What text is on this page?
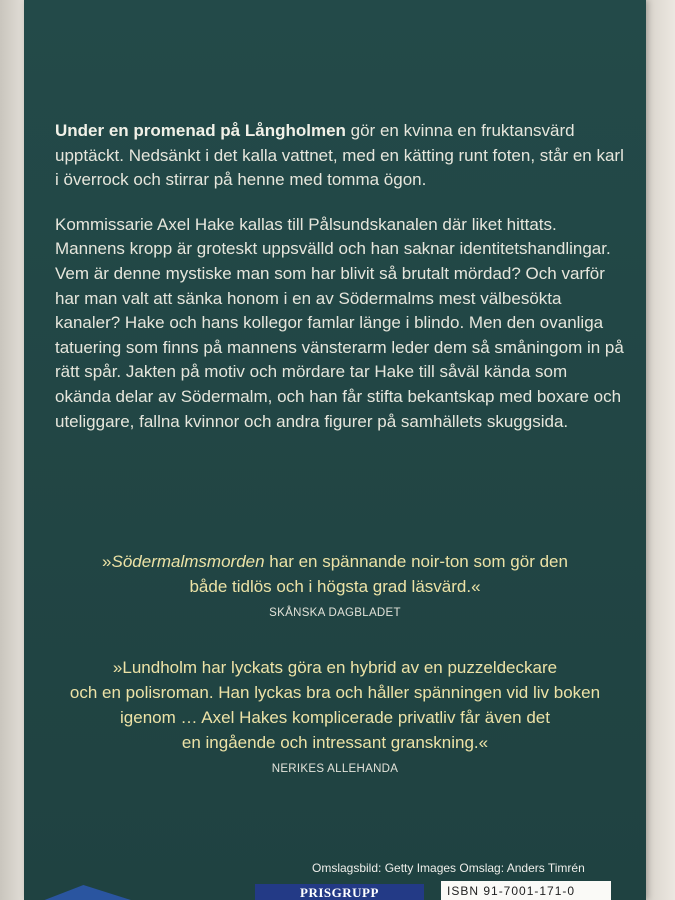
Under en promenad på Långholmen gör en kvinna en fruktansvärd upptäckt. Nedsänkt i det kalla vattnet, med en kätting runt foten, står en karl i överrock och stirrar på henne med tomma ögon.

Kommissarie Axel Hake kallas till Pålsundskanalen där liket hittats. Mannens kropp är groteskt uppsvälld och han saknar identitetshandlingar. Vem är denne mystiske man som har blivit så brutalt mördad? Och varför har man valt att sänka honom i en av Södermalms mest välbesökta kanaler? Hake och hans kollegor famlar länge i blindo. Men den ovanliga tatuering som finns på mannens vänsterarm leder dem så småningom in på rätt spår. Jakten på motiv och mördare tar Hake till såväl kända som okända delar av Södermalm, och han får stifta bekantskap med boxare och uteliggare, fallna kvinnor och andra figurer på samhällets skuggsida.

»Södermalmsmorden har en spännande noir-ton som gör den
både tidlös och i högsta grad läsvärd.«
SKÅNSKA DAGBLADET
»Lundholm har lyckats göra en hybrid av en puzzeldeckare
och en polisroman. Han lyckas bra och håller spänningen vid liv boken
igenom … Axel Hakes komplicerade privatliv får även det
en ingående och intressant granskning.«
NERIKES ALLEHANDA
Omslagsbild: Getty Images Omslag: Anders Timrén
PRISGRUPP	ISBN 91-7001-171-0
